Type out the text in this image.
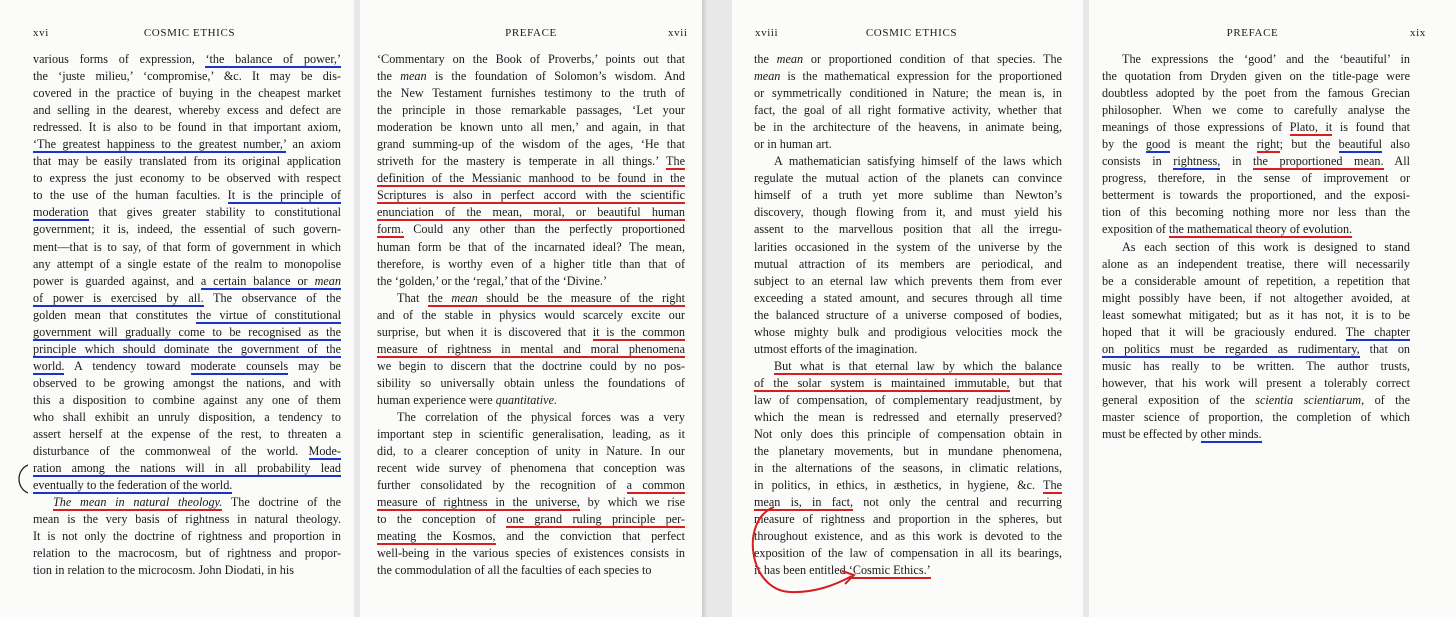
xvi	COSMIC ETHICS
various forms of expression, ‘the balance of power,’
the ‘juste milieu,’ ‘compromise,’ &c. It may be dis-
covered in the practice of buying in the cheapest market
and selling in the dearest, whereby excess and defect are
redressed. It is also to be found in that important axiom,
‘The greatest happiness to the greatest number,’ an axiom
that may be easily translated from its original application
to express the just economy to be observed with respect
to the use of the human faculties. It is the principle of
moderation that gives greater stability to constitutional
government; it is, indeed, the essential of such govern-
ment—that is to say, of that form of government in which
any attempt of a single estate of the realm to monopolise
power is guarded against, and a certain balance or mean
of power is exercised by all. The observance of the
golden mean that constitutes the virtue of constitutional
government will gradually come to be recognised as the
principle which should dominate the government of the
world. A tendency toward moderate counsels may be
observed to be growing amongst the nations, and with
this a disposition to combine against any one of them
who shall exhibit an unruly disposition, a tendency to
assert herself at the expense of the rest, to threaten a
disturbance of the commonweal of the world. Mode-
ration among the nations will in all probability lead
eventually to the federation of the world.
The mean in natural theology. The doctrine of the
mean is the very basis of rightness in natural theology.
It is not only the doctrine of rightness and proportion in
relation to the macrocosm, but of rightness and propor-
tion in relation to the microcosm. John Diodati, in his
PREFACE	xvii
‘Commentary on the Book of Proverbs,’ points out that
the mean is the foundation of Solomon’s wisdom. And
the New Testament furnishes testimony to the truth of
the principle in those remarkable passages, ‘Let your
moderation be known unto all men,’ and again, in that
grand summing-up of the wisdom of the ages, ‘He that
striveth for the mastery is temperate in all things.’ The
definition of the Messianic manhood to be found in the
Scriptures is also in perfect accord with the scientific
enunciation of the mean, moral, or beautiful human
form. Could any other than the perfectly proportioned
human form be that of the incarnated ideal? The mean,
therefore, is worthy even of a higher title than that of
the ‘golden,’ or the ‘regal,’ that of the ‘Divine.’
That the mean should be the measure of the right
and of the stable in physics would scarcely excite our
surprise, but when it is discovered that it is the common
measure of rightness in mental and moral phenomena
we begin to discern that the doctrine could by no pos-
sibility so universally obtain unless the foundations of
human experience were quantitative.
The correlation of the physical forces was a very
important step in scientific generalisation, leading, as it
did, to a clearer conception of unity in Nature. In our
recent wide survey of phenomena that conception was
further consolidated by the recognition of a common
measure of rightness in the universe, by which we rise
to the conception of one grand ruling principle per-
meating the Kosmos, and the conviction that perfect
well-being in the various species of existences consists in
the commodulation of all the faculties of each species to
xviii	COSMIC ETHICS
the mean or proportioned condition of that species. The
mean is the mathematical expression for the proportioned
or symmetrically conditioned in Nature; the mean is, in
fact, the goal of all right formative activity, whether that
be in the architecture of the heavens, in animate being,
or in human art.
A mathematician satisfying himself of the laws which
regulate the mutual action of the planets can convince
himself of a truth yet more sublime than Newton’s
discovery, though flowing from it, and must yield his
assent to the marvellous position that all the irregu-
larities occasioned in the system of the universe by the
mutual attraction of its members are periodical, and
subject to an eternal law which prevents them from ever
exceeding a stated amount, and secures through all time
the balanced structure of a universe composed of bodies,
whose mighty bulk and prodigious velocities mock the
utmost efforts of the imagination.
But what is that eternal law by which the balance
of the solar system is maintained immutable, but that
law of compensation, of complementary readjustment, by
which the mean is redressed and eternally preserved?
Not only does this principle of compensation obtain in
the planetary movements, but in mundane phenomena,
in the alternations of the seasons, in climatic relations,
in politics, in ethics, in æsthetics, in hygiene, &c. The
mean is, in fact, not only the central and recurring
measure of rightness and proportion in the spheres, but
throughout existence, and as this work is devoted to the
exposition of the law of compensation in all its bearings,
it has been entitled ‘Cosmic Ethics.’
PREFACE	xix
The expressions the ‘good’ and the ‘beautiful’ in
the quotation from Dryden given on the title-page were
doubtless adopted by the poet from the famous Grecian
philosopher. When we come to carefully analyse the
meanings of those expressions of Plato, it is found that
by the good is meant the right; but the beautiful also
consists in rightness, in the proportioned mean. All
progress, therefore, in the sense of improvement or
betterment is towards the proportioned, and the exposi-
tion of this becoming nothing more nor less than the
exposition of the mathematical theory of evolution.
As each section of this work is designed to stand
alone as an independent treatise, there will necessarily
be a considerable amount of repetition, a repetition that
might possibly have been, if not altogether avoided, at
least somewhat mitigated; but as it has not, it is to be
hoped that it will be graciously endured. The chapter
on politics must be regarded as rudimentary, that on
music has really to be written. The author trusts,
however, that his work will present a tolerably correct
general exposition of the scientia scientiarum, of the
master science of proportion, the completion of which
must be effected by other minds.
